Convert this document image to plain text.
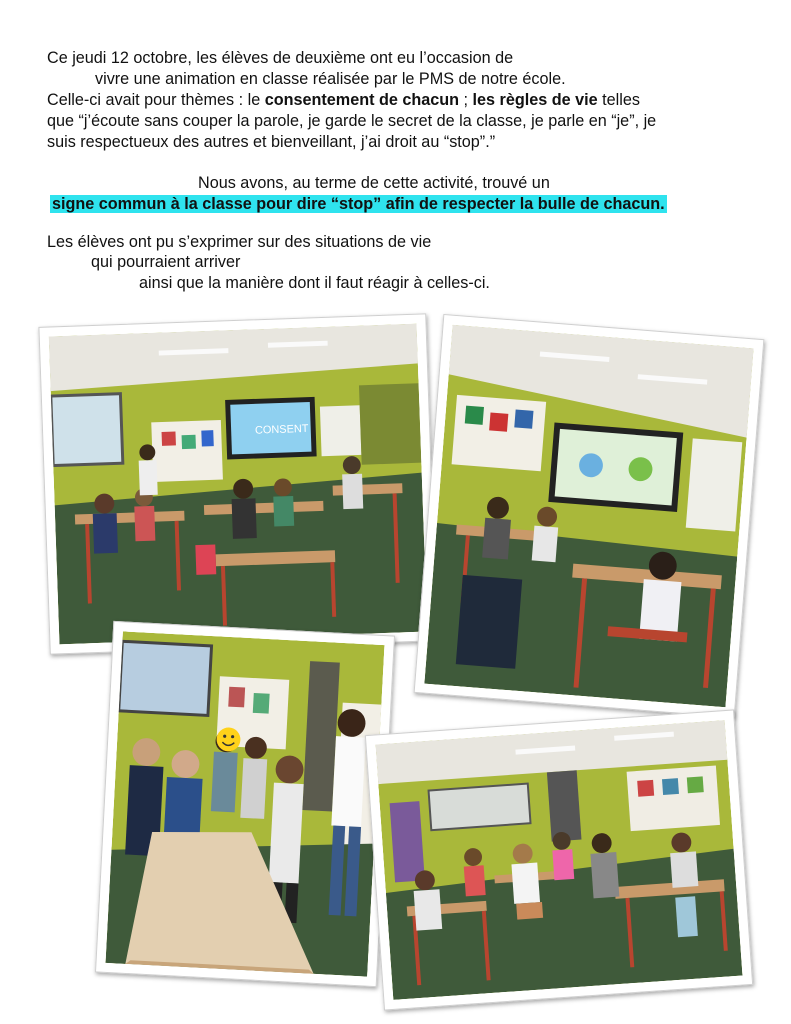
Ce jeudi 12 octobre, les élèves de deuxième ont eu l’occasion de
vivre une animation en classe réalisée par le PMS de notre école.
Celle-ci avait pour thèmes : le consentement de chacun ; les règles de vie telles
que “j’écoute sans couper la parole, je garde le secret de la classe, je parle en “je”, je
suis respectueux des autres et bienveillant, j’ai droit au “stop”.”
Nous avons, au terme de cette activité, trouvé un
signe commun à la classe pour dire “stop” afin de respecter la bulle de chacun.
Les élèves ont pu s’exprimer sur des situations de vie
qui pourraient arriver
ainsi que la manière dont il faut réagir à celles-ci.
CONSENT
